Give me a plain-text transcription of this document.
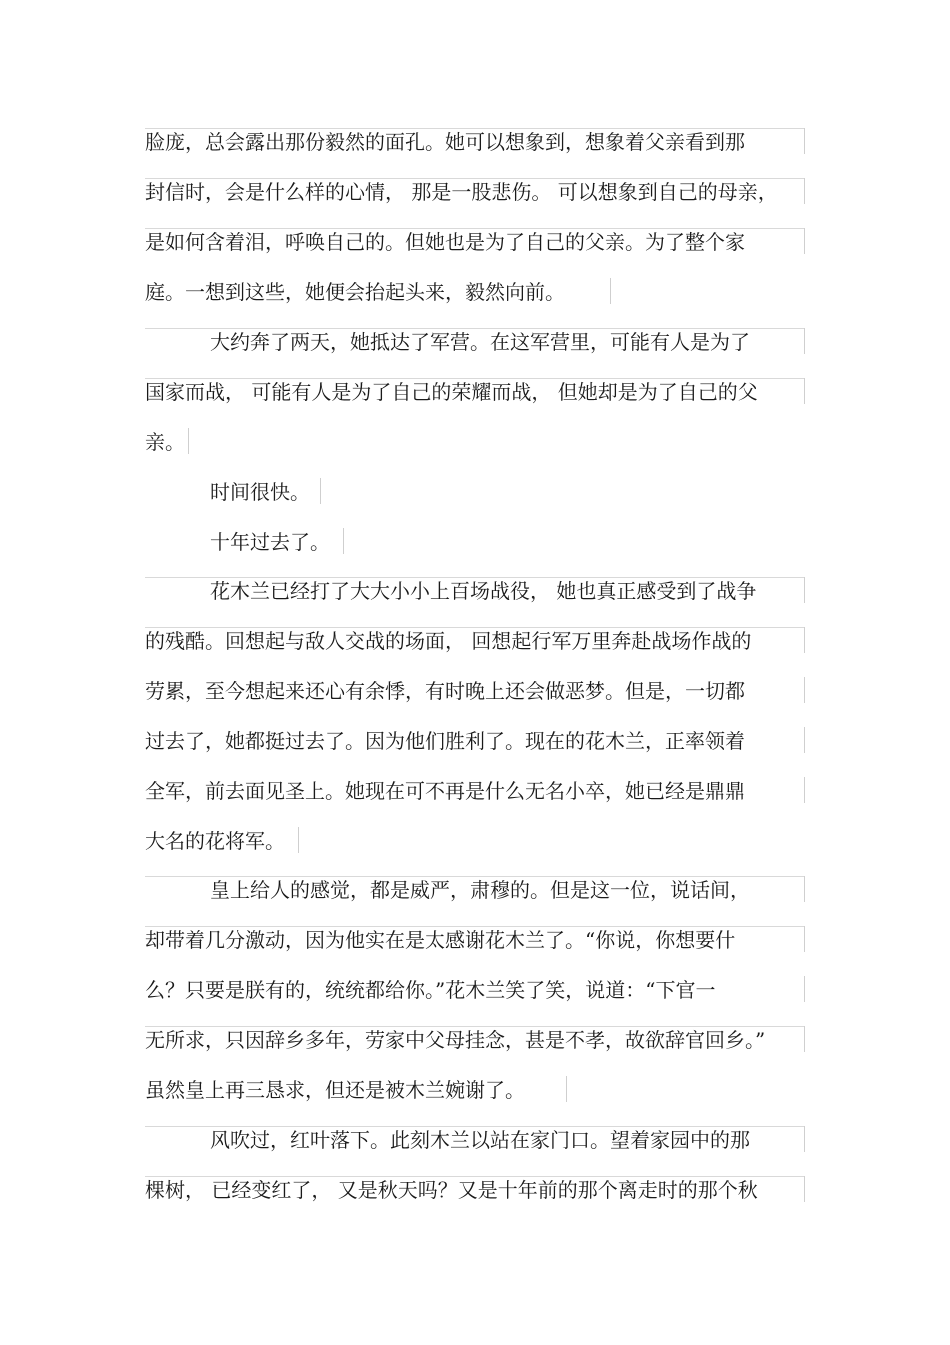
脸庞，总会露出那份毅然的面孔。她可以想象到，想象着父亲看到那
封信时，会是什么样的心情， 那是一股悲伤。 可以想象到自己的母亲，
是如何含着泪，呼唤自己的。但她也是为了自己的父亲。为了整个家
庭。一想到这些，她便会抬起头来，毅然向前。
大约奔了两天，她抵达了军营。在这军营里，可能有人是为了
国家而战， 可能有人是为了自己的荣耀而战， 但她却是为了自己的父
亲。
时间很快。
十年过去了。
花木兰已经打了大大小小上百场战役， 她也真正感受到了战争
的残酷。回想起与敌人交战的场面， 回想起行军万里奔赴战场作战的
劳累，至今想起来还心有余悸，有时晚上还会做恶梦。但是，一切都
过去了，她都挺过去了。因为他们胜利了。现在的花木兰，正率领着
全军，前去面见圣上。她现在可不再是什么无名小卒，她已经是鼎鼎
大名的花将军。
皇上给人的感觉，都是威严，肃穆的。但是这一位，说话间，
却带着几分激动，因为他实在是太感谢花木兰了。“你说，你想要什
么？只要是朕有的，统统都给你。”花木兰笑了笑，说道：“下官一
无所求，只因辞乡多年，劳家中父母挂念，甚是不孝，故欲辞官回乡。”
虽然皇上再三恳求，但还是被木兰婉谢了。
风吹过，红叶落下。此刻木兰以站在家门口。望着家园中的那
棵树， 已经变红了， 又是秋天吗？又是十年前的那个离走时的那个秋
